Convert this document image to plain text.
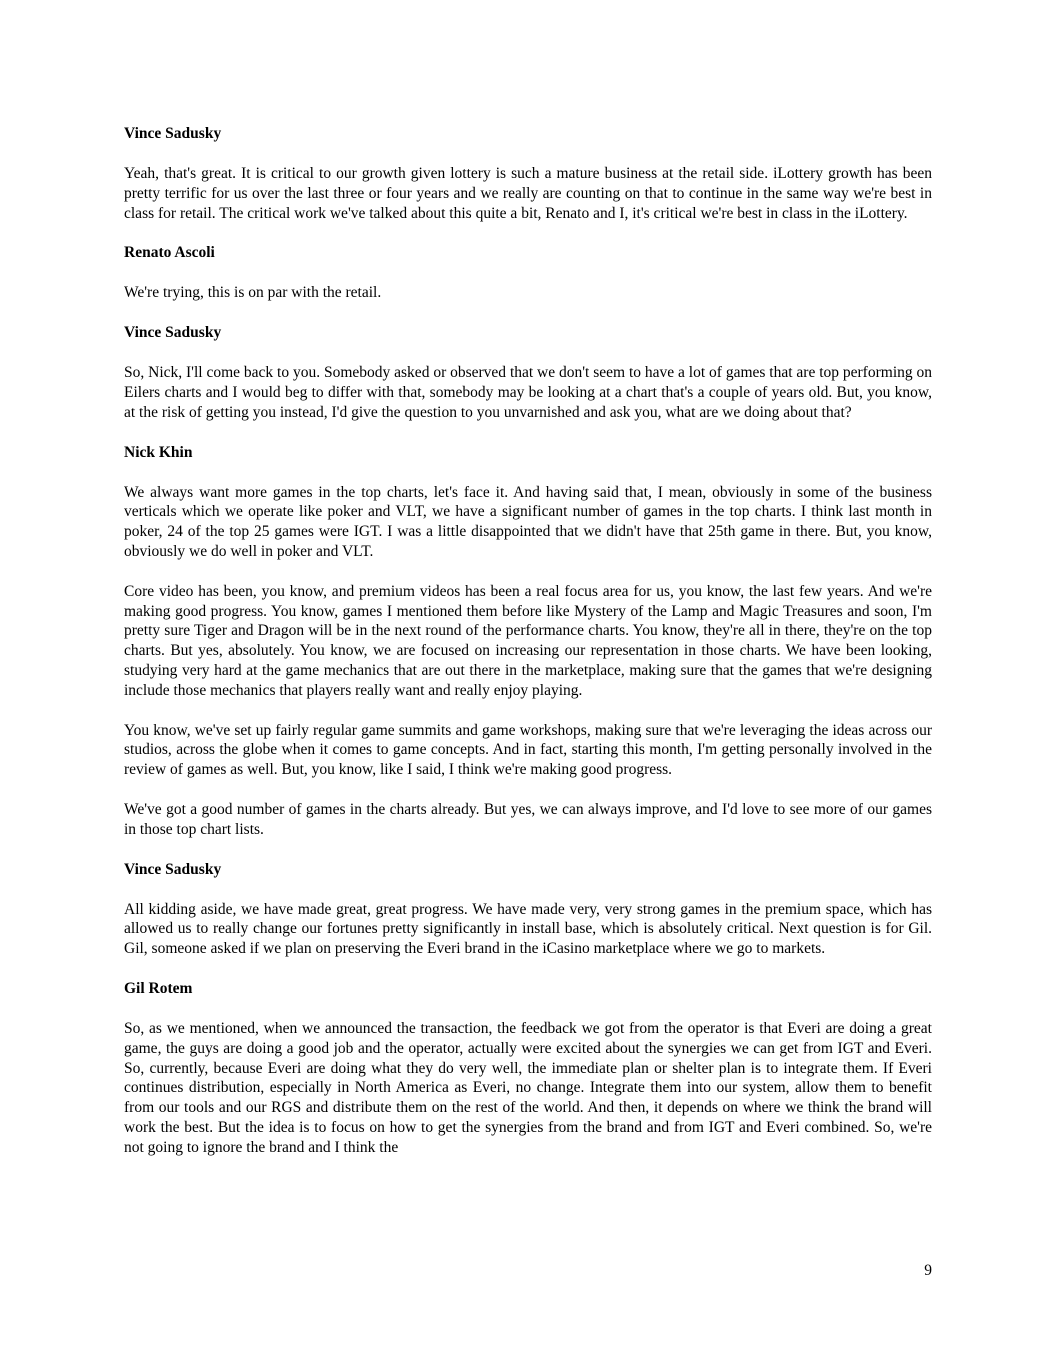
Vince Sadusky

Yeah, that's great. It is critical to our growth given lottery is such a mature business at the retail side. iLottery growth has been pretty terrific for us over the last three or four years and we really are counting on that to continue in the same way we're best in class for retail. The critical work we've talked about this quite a bit, Renato and I, it's critical we're best in class in the iLottery.

Renato Ascoli

We're trying, this is on par with the retail.

Vince Sadusky

So, Nick, I'll come back to you. Somebody asked or observed that we don't seem to have a lot of games that are top performing on Eilers charts and I would beg to differ with that, somebody may be looking at a chart that's a couple of years old. But, you know, at the risk of getting you instead, I'd give the question to you unvarnished and ask you, what are we doing about that?

Nick Khin

We always want more games in the top charts, let's face it. And having said that, I mean, obviously in some of the business verticals which we operate like poker and VLT, we have a significant number of games in the top charts. I think last month in poker, 24 of the top 25 games were IGT. I was a little disappointed that we didn't have that 25th game in there. But, you know, obviously we do well in poker and VLT.

Core video has been, you know, and premium videos has been a real focus area for us, you know, the last few years. And we're making good progress. You know, games I mentioned them before like Mystery of the Lamp and Magic Treasures and soon, I'm pretty sure Tiger and Dragon will be in the next round of the performance charts. You know, they're all in there, they're on the top charts. But yes, absolutely. You know, we are focused on increasing our representation in those charts. We have been looking, studying very hard at the game mechanics that are out there in the marketplace, making sure that the games that we're designing include those mechanics that players really want and really enjoy playing.

You know, we've set up fairly regular game summits and game workshops, making sure that we're leveraging the ideas across our studios, across the globe when it comes to game concepts. And in fact, starting this month, I'm getting personally involved in the review of games as well. But, you know, like I said, I think we're making good progress.

We've got a good number of games in the charts already. But yes, we can always improve, and I'd love to see more of our games in those top chart lists.

Vince Sadusky

All kidding aside, we have made great, great progress. We have made very, very strong games in the premium space, which has allowed us to really change our fortunes pretty significantly in install base, which is absolutely critical. Next question is for Gil. Gil, someone asked if we plan on preserving the Everi brand in the iCasino marketplace where we go to markets.

Gil Rotem

So, as we mentioned, when we announced the transaction, the feedback we got from the operator is that Everi are doing a great game, the guys are doing a good job and the operator, actually were excited about the synergies we can get from IGT and Everi. So, currently, because Everi are doing what they do very well, the immediate plan or shelter plan is to integrate them. If Everi continues distribution, especially in North America as Everi, no change. Integrate them into our system, allow them to benefit from our tools and our RGS and distribute them on the rest of the world. And then, it depends on where we think the brand will work the best. But the idea is to focus on how to get the synergies from the brand and from IGT and Everi combined. So, we're not going to ignore the brand and I think the

9
